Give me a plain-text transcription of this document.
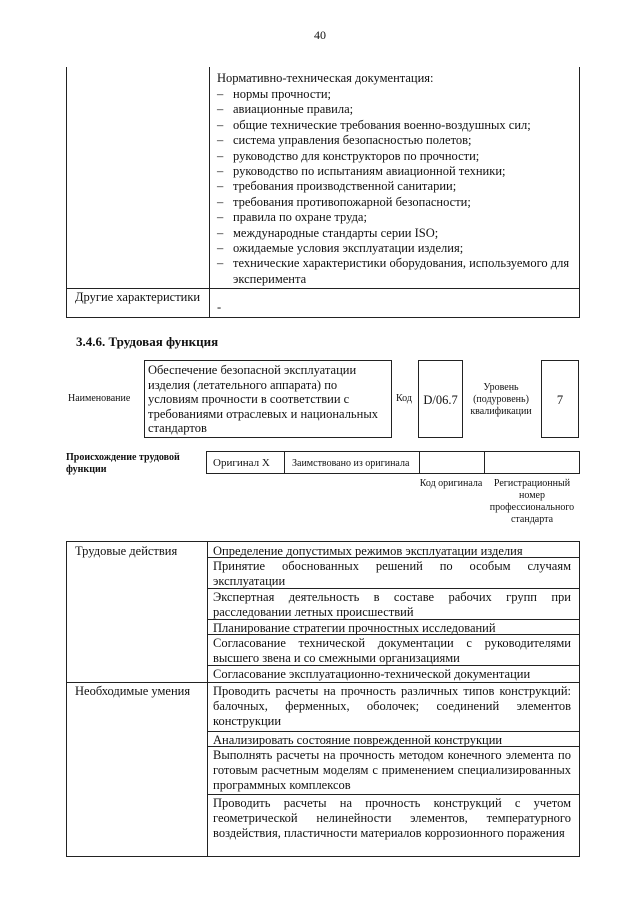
40
Нормативно-техническая документация:
– нормы прочности;
– авиационные правила;
– общие технические требования военно-воздушных сил;
– система управления безопасностью полетов;
– руководство для конструкторов по прочности;
– руководство по испытаниям авиационной техники;
– требования производственной санитарии;
– требования противопожарной безопасности;
– правила по охране труда;
– международные стандарты серии ISO;
– ожидаемые условия эксплуатации изделия;
– технические характеристики оборудования, используемого для эксперимента
Другие характеристики
-
3.4.6. Трудовая функция
Наименование
Обеспечение безопасной эксплуатации изделия (летательного аппарата) по условиям прочности в соответствии с требованиями отраслевых и национальных стандартов
Код D/06.7
Уровень (подуровень) квалификации
7
Происхождение трудовой функции
Оригинал X Заимствовано из оригинала
Код оригинала	Регистрационный номер профессионального стандарта
Трудовые действия	Определение допустимых режимов эксплуатации изделия
Принятие обоснованных решений по особым случаям эксплуатации
Экспертная деятельность в составе рабочих групп при расследовании летных происшествий
Планирование стратегии прочностных исследований
Согласование технической документации с руководителями высшего звена и со смежными организациями
Согласование эксплуатационно-технической документации
Необходимые умения Проводить расчеты на прочность различных типов конструкций: балочных, ферменных, оболочек; соединений элементов конструкции
Анализировать состояние поврежденной конструкции
Выполнять расчеты на прочность методом конечного элемента по готовым расчетным моделям с применением специализированных программных комплексов
Проводить расчеты на прочность конструкций с учетом геометрической нелинейности элементов, температурного воздействия, пластичности материалов коррозионного поражения
